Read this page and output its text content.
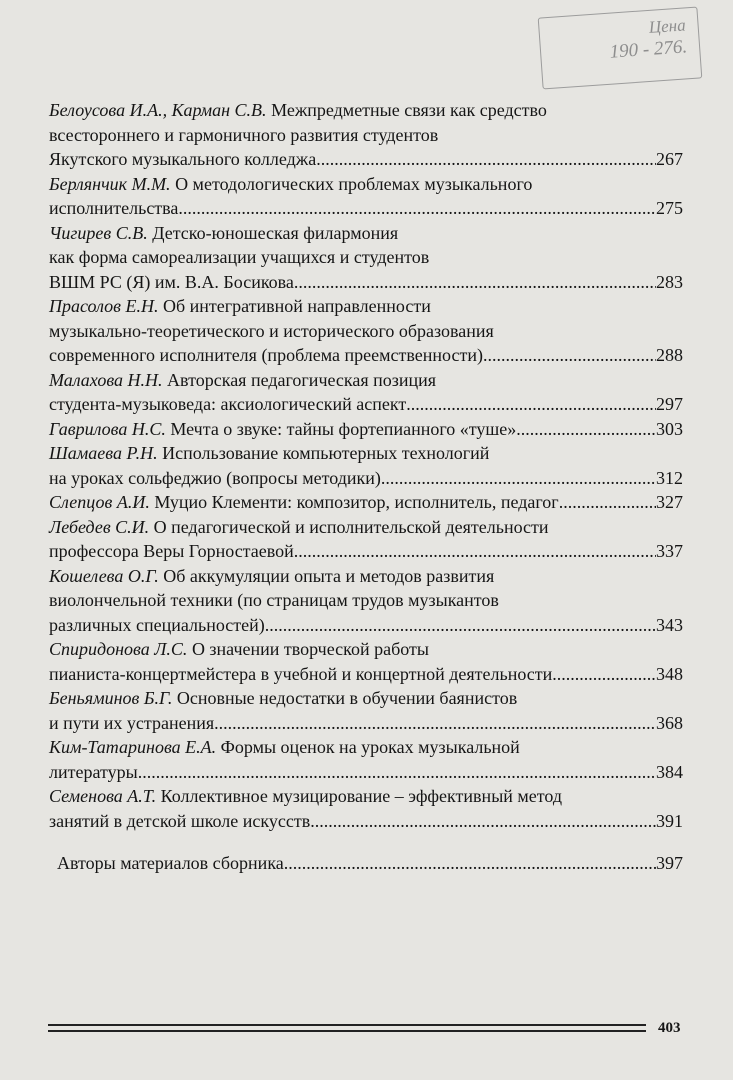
Цена
190 - 276.
Белоусова И.А., Карман С.В. Межпредметные связи как средство
всестороннего и гармоничного развития студентов
Якутского музыкального колледжа .....	267
Берлянчик М.М. О методологических проблемах музыкального
исполнительства .....	275
Чигирев С.В. Детско-юношеская филармония
как форма самореализации учащихся и студентов
ВШМ РС (Я) им. В.А. Босикова .....	283
Прасолов Е.Н. Об интегративной направленности
музыкально-теоретического и исторического образования
современного исполнителя (проблема преемственности) .....	288
Малахова Н.Н. Авторская педагогическая позиция
студента-музыковеда: аксиологический аспект .....	297
Гаврилова Н.С. Мечта о звуке: тайны фортепианного «туше» .....	303
Шамаева Р.Н. Использование компьютерных технологий
на уроках сольфеджио (вопросы методики) .....	312
Слепцов А.И. Муцио Клементи: композитор, исполнитель, педагог .....	327
Лебедев С.И. О педагогической и исполнительской деятельности
профессора Веры Горностаевой .....	337
Кошелева О.Г. Об аккумуляции опыта и методов развития
виолончельной техники (по страницам трудов музыкантов
различных специальностей) .....	343
Спиридонова Л.С. О значении творческой работы
пианиста-концертмейстера в учебной и концертной деятельности .....	348
Беньяминов Б.Г. Основные недостатки в обучении баянистов
и пути их устранения .....	368
Ким-Татаринова Е.А. Формы оценок на уроках музыкальной
литературы .....	384
Семенова А.Т. Коллективное музицирование – эффективный метод
занятий в детской школе искусств .....	391
Авторы материалов сборника .....	397
403
